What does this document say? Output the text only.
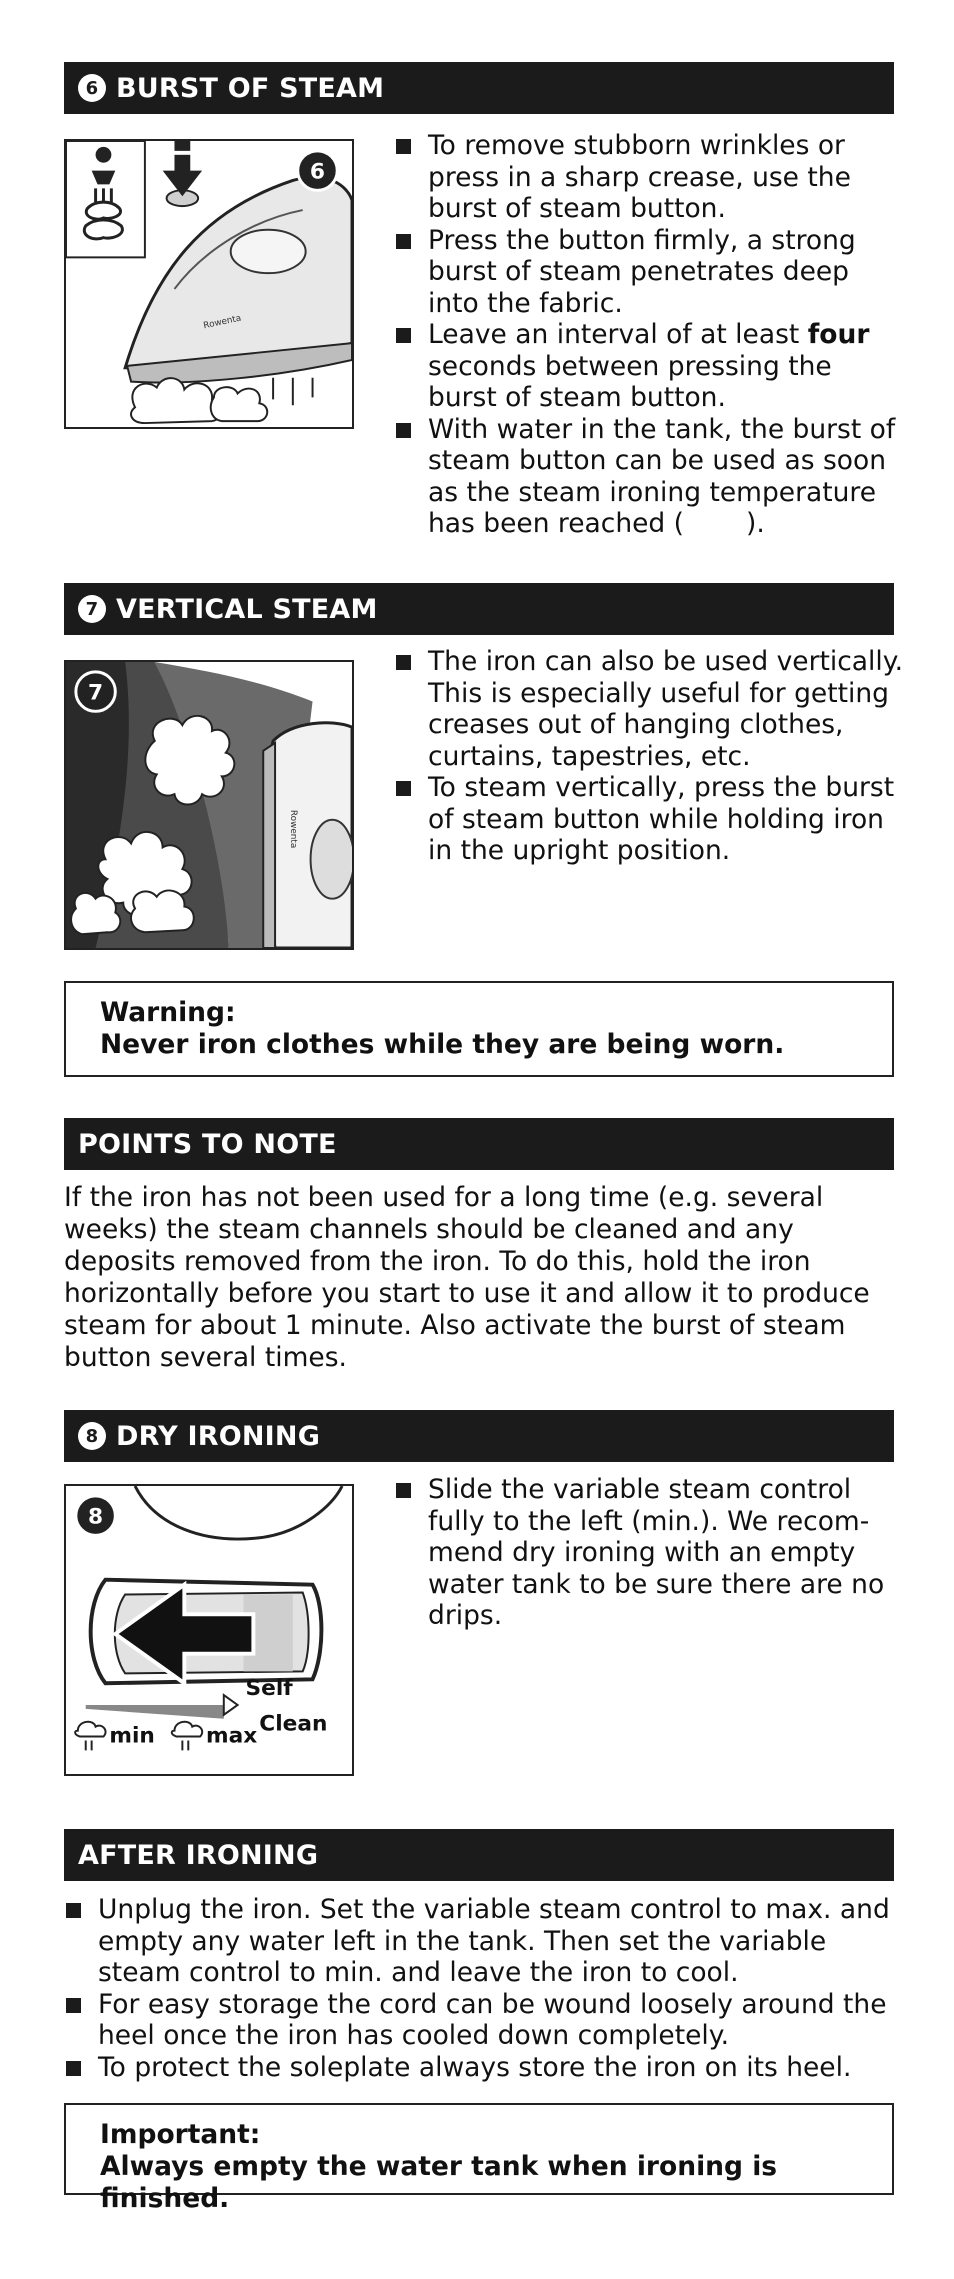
6 BURST OF STEAM
Rowenta
6
To remove stubborn wrinkles or press in a sharp crease, use the burst of steam button.
Press the button firmly, a strong burst of steam penetrates deep into the fabric.
Leave an interval of at least four seconds between pressing the burst of steam button.
With water in the tank, the burst of steam button can be used as soon as the steam ironing temperature has been reached ( ).
7 VERTICAL STEAM
Rowenta
7
The iron can also be used vertically. This is especially useful for getting creases out of hanging clothes, curtains, tapestries, etc.
To steam vertically, press the burst of steam button while holding iron in the upright position.
Warning:
Never iron clothes while they are being worn.
POINTS TO NOTE

If the iron has not been used for a long time (e.g. several weeks) the steam channels should be cleaned and any deposits removed from the iron. To do this, hold the iron horizontally before you start to use it and allow it to produce steam for about 1 minute. Also activate the burst of steam button several times.

8 DRY IRONING
Self
Clean
min max
8
Slide the variable steam control fully to the left (min.). We recom-mend dry ironing with an empty water tank to be sure there are no drips.
AFTER IRONING
Unplug the iron. Set the variable steam control to max. and empty any water left in the tank. Then set the variable steam control to min. and leave the iron to cool.
For easy storage the cord can be wound loosely around the heel once the iron has cooled down completely.
To protect the soleplate always store the iron on its heel.
Important:
Always empty the water tank when ironing is finished.
